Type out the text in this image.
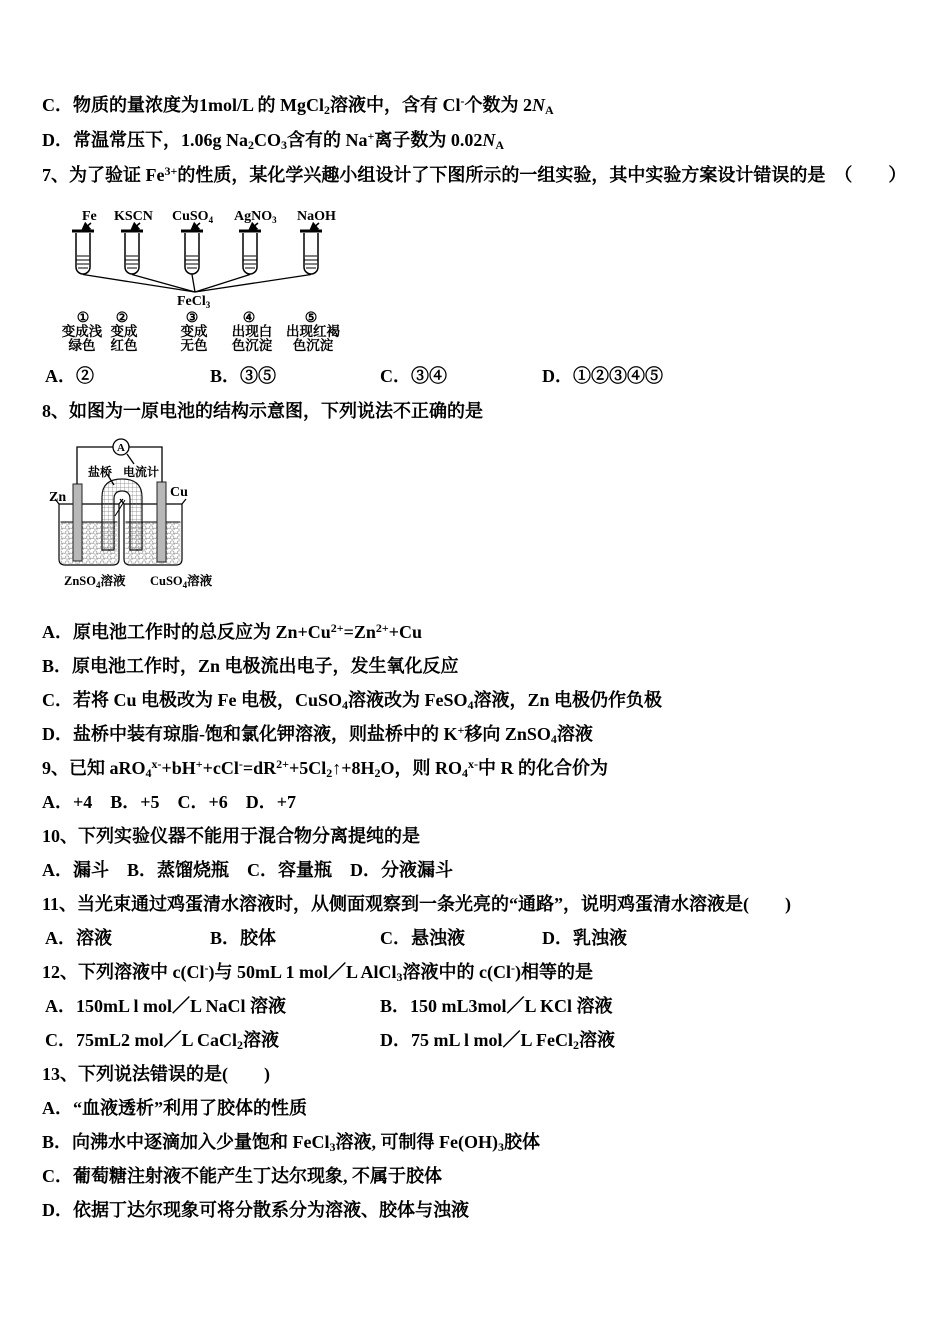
C．物质的量浓度为1mol/L 的 MgCl$_2$溶液中，含有 Cl-个数为 $2N_A$
D．常温常压下，1.06g $Na_2CO_3$含有的 Na+离子数为 $0.02N_A$
7、为了验证 $Fe^{3+}$的性质，某化学兴趣小组设计了下图所示的一组实验，其中实验方案设计错误的是　（　　）
Fe KSCN CuSO$_4$ AgNO$_3$ NaOH
FeCl$_3$
① ②	③	④	⑤
变成浅 变成	变成 出现白 出现红褐
绿色 红色	无色 色沉淀 色沉淀
A．②	B．③⑤	C．③④	D．①②③④⑤
8、如图为一原电池的结构示意图，下列说法不正确的是
A
盐桥 电流计
Zn	Cu
ZnSO$_4$溶液 CuSO$_4$溶液
A．原电池工作时的总反应为 $Zn+Cu^{2+}=Zn^{2+}+Cu$
B．原电池工作时，Zn 电极流出电子，发生氧化反应
C．若将 Cu 电极改为 Fe 电极，CuSO$_4$溶液改为 FeSO$_4$溶液，Zn 电极仍作负极
D．盐桥中装有琼脂-饱和氯化钾溶液，则盐桥中的 K+移向 ZnSO$_4$溶液
9、已知 $aRO_4^{x-}+bH^++cCl^-=dR^{2+}+5Cl_2↑+8H_2O$，则 $RO_4^{x-}$中 R 的化合价为
A．+4　B．+5　C．+6　D．+7
10、下列实验仪器不能用于混合物分离提纯的是
A．漏斗　B．蒸馏烧瓶　C．容量瓶　D．分液漏斗
11、当光束通过鸡蛋清水溶液时，从侧面观察到一条光亮的“通路”，说明鸡蛋清水溶液是(　　)
A．溶液	B．胶体	C．悬浊液	D．乳浊液
12、下列溶液中 c(Cl-)与 50mL 1 mol／L AlCl$_3$溶液中的 c(Cl-)相等的是
A．150mL l mol／L NaCl 溶液	B．150 mL3mol／L KCl 溶液
C．75mL2 mol／L CaCl$_2$溶液	D．75 mL l mol／L FeCl$_2$溶液
13、下列说法错误的是(　　)
A．“血液透析”利用了胶体的性质
B．向沸水中逐滴加入少量饱和 FeCl$_3$溶液, 可制得 $Fe(OH)_3$胶体
C．葡萄糖注射液不能产生丁达尔现象, 不属于胶体
D．依据丁达尔现象可将分散系分为溶液、胶体与浊液
